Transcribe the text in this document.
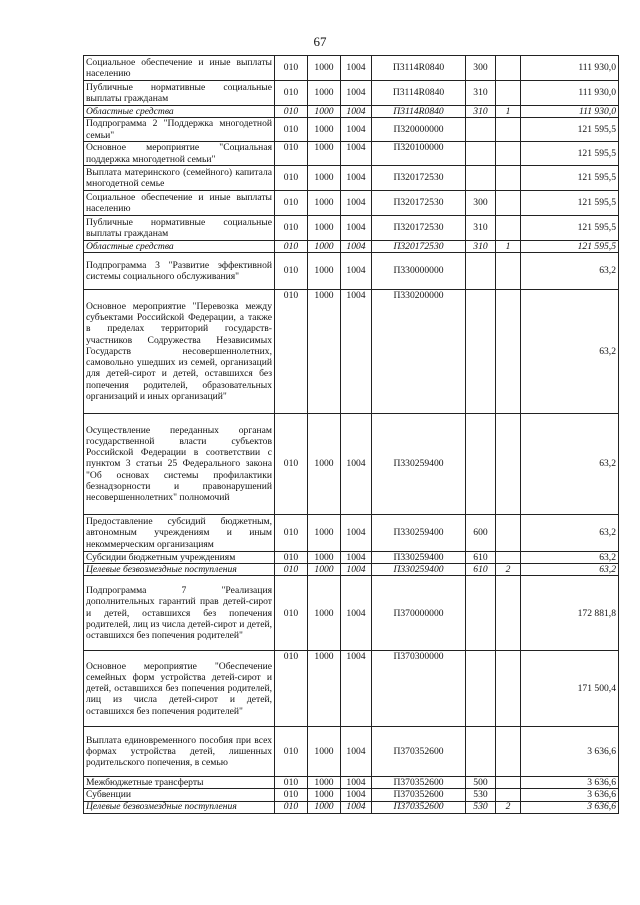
67
Социальное обеспечение и иные выплаты населению	010	1000	1004	П3114R0840	300		111 930,0
Публичные нормативные социальные выплаты гражданам	010	1000	1004	П3114R0840	310		111 930,0
Областные средства	010	1000	1004	П3114R0840	310	1	111 930,0
Подпрограмма 2 "Поддержка многодетной семьи"	010	1000	1004	П320000000			121 595,5
Основное мероприятие "Социальная поддержка многодетной семьи"	010	1000	1004	П320100000			121 595,5
Выплата материнского (семейного) капитала многодетной семье	010	1000	1004	П320172530			121 595,5
Социальное обеспечение и иные выплаты населению	010	1000	1004	П320172530	300		121 595,5
Публичные нормативные социальные выплаты гражданам	010	1000	1004	П320172530	310		121 595,5
Областные средства	010	1000	1004	П320172530	310	1	121 595,5
Подпрограмма 3 "Развитие эффективной системы социального обслуживания"	010	1000	1004	П330000000			63,2
Основное мероприятие "Перевозка между субъектами Российской Федерации, а также в пределах территорий государств-участников Содружества Независимых Государств несовершеннолетних, самовольно ушедших из семей, организаций для детей-сирот и детей, оставшихся без попечения родителей, образовательных организаций и иных организаций"	010	1000	1004	П330200000			63,2
Осуществление переданных органам государственной власти субъектов Российской Федерации в соответствии с пунктом 3 статьи 25 Федерального закона "Об основах системы профилактики безнадзорности и правонарушений несовершеннолетних" полномочий	010	1000	1004	П330259400			63,2
Предоставление субсидий бюджетным, автономным учреждениям и иным некоммерческим организациям	010	1000	1004	П330259400	600		63,2
Субсидии бюджетным учреждениям	010	1000	1004	П330259400	610		63,2
Целевые безвозмездные поступления	010	1000	1004	П330259400	610	2	63,2
Подпрограмма 7 "Реализация дополнительных гарантий прав детей-сирот и детей, оставшихся без попечения родителей, лиц из числа детей-сирот и детей, оставшихся без попечения родителей"	010	1000	1004	П370000000			172 881,8
Основное мероприятие "Обеспечение семейных форм устройства детей-сирот и детей, оставшихся без попечения родителей, лиц из числа детей-сирот и детей, оставшихся без попечения родителей"	010	1000	1004	П370300000			171 500,4
Выплата единовременного пособия при всех формах устройства детей, лишенных родительского попечения, в семью	010	1000	1004	П370352600			3 636,6
Межбюджетные трансферты	010	1000	1004	П370352600	500		3 636,6
Субвенции	010	1000	1004	П370352600	530		3 636,6
Целевые безвозмездные поступления	010	1000	1004	П370352600	530	2	3 636,6
